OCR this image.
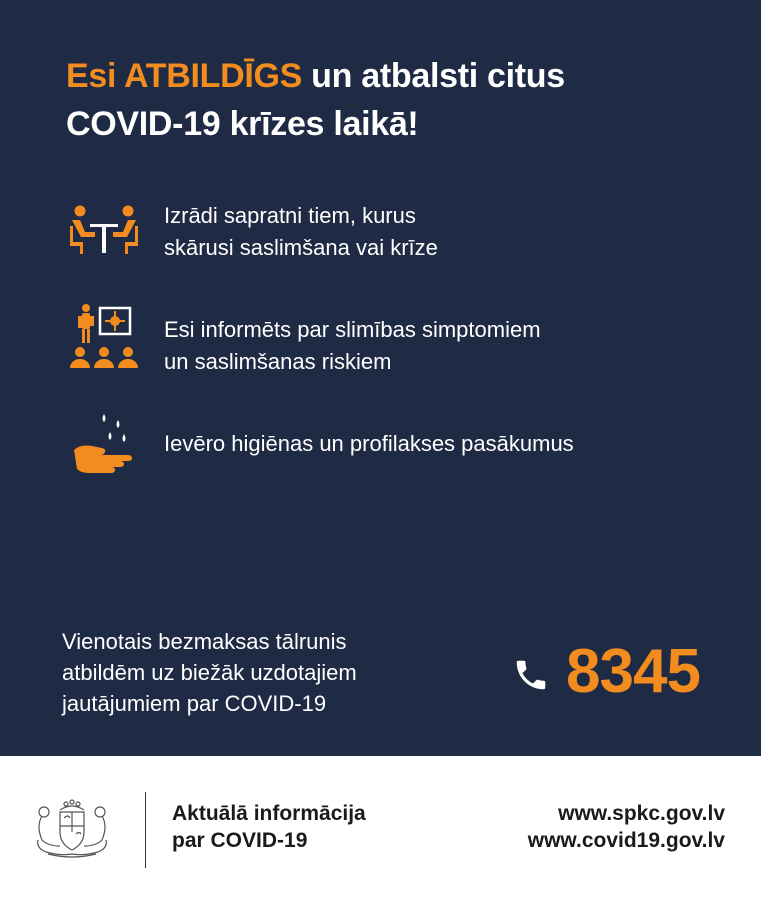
Esi ATBILDĪGS un atbalsti citus
COVID-19 krīzes laikā!
Izrādi sapratni tiem, kurus
skārusi saslimšana vai krīze
Esi informēts par slimības simptomiem
un saslimšanas riskiem
Ievēro higiēnas un profilakses pasākumus
Vienotais bezmaksas tālrunis
atbildēm uz biežāk uzdotajiem
jautājumiem par COVID-19	8345
Aktuālā informācija
par COVID-19
www.spkc.gov.lv
www.covid19.gov.lv
